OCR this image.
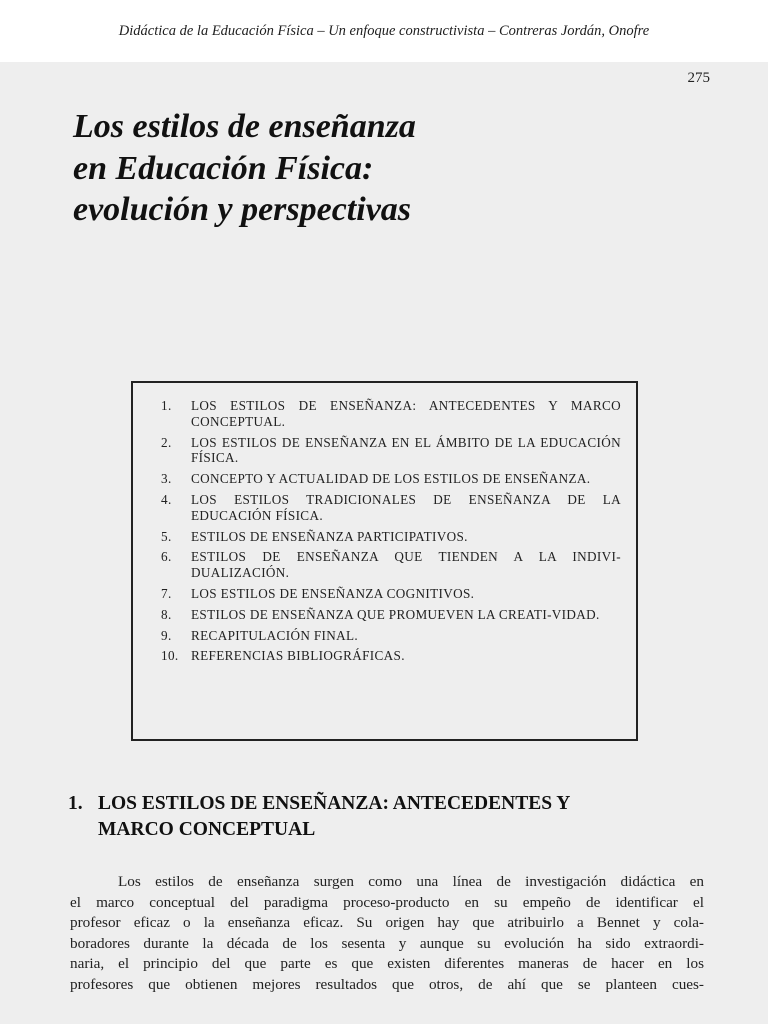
Didáctica de la Educación Física – Un enfoque constructivista – Contreras Jordán, Onofre
275
Los estilos de enseñanza
en Educación Física:
evolución y perspectivas
1.	LOS ESTILOS DE ENSEÑANZA: ANTECEDENTES Y MARCO CONCEPTUAL.
2.	LOS ESTILOS DE ENSEÑANZA EN EL ÁMBITO DE LA EDUCACIÓN FÍSICA.
3.	CONCEPTO Y ACTUALIDAD DE LOS ESTILOS DE ENSEÑANZA.
4.	LOS ESTILOS TRADICIONALES DE ENSEÑANZA DE LA EDUCACIÓN FÍSICA.
5.	ESTILOS DE ENSEÑANZA PARTICIPATIVOS.
6.	ESTILOS DE ENSEÑANZA QUE TIENDEN A LA INDIVI-DUALIZACIÓN.
7.	LOS ESTILOS DE ENSEÑANZA COGNITIVOS.
8.	ESTILOS DE ENSEÑANZA QUE PROMUEVEN LA CREATI-VIDAD.
9.	RECAPITULACIÓN FINAL.
10. REFERENCIAS BIBLIOGRÁFICAS.
1. LOS ESTILOS DE ENSEÑANZA: ANTECEDENTES Y
MARCO CONCEPTUAL
Los estilos de enseñanza surgen como una línea de investigación didáctica en
el marco conceptual del paradigma proceso-producto en su empeño de identificar el
profesor eficaz o la enseñanza eficaz. Su origen hay que atribuirlo a Bennet y cola-
boradores durante la década de los sesenta y aunque su evolución ha sido extraordi-
naria, el principio del que parte es que existen diferentes maneras de hacer en los
profesores que obtienen mejores resultados que otros, de ahí que se planteen cues-
